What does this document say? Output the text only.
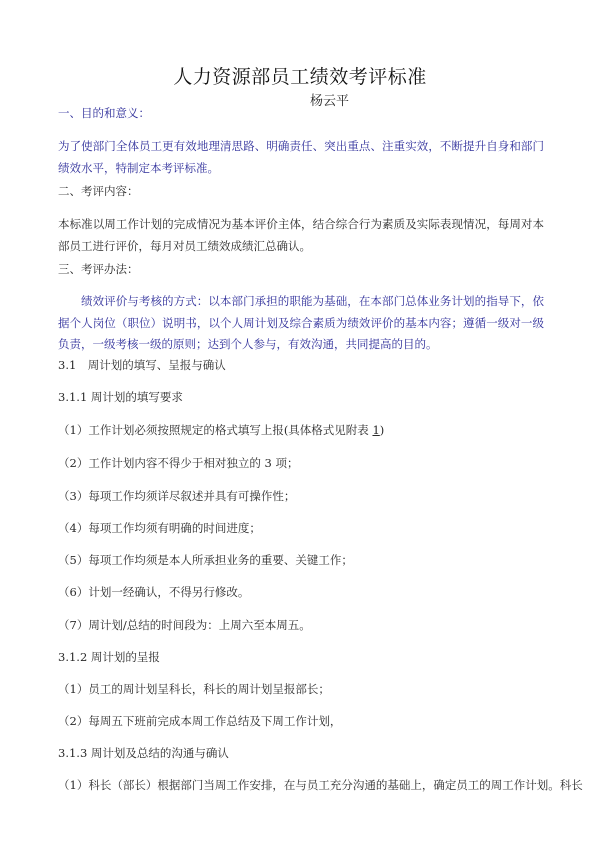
人力资源部员工绩效考评标准
杨云平
一、目的和意义：
为了使部门全体员工更有效地理清思路、明确责任、突出重点、注重实效，不断提升自身和部门绩效水平，特制定本考评标准。
二、考评内容：
本标准以周工作计划的完成情况为基本评价主体，结合综合行为素质及实际表现情况，每周对本部员工进行评价，每月对员工绩效成绩汇总确认。
三、考评办法：
绩效评价与考核的方式：以本部门承担的职能为基础，在本部门总体业务计划的指导下，依据个人岗位（职位）说明书，以个人周计划及综合素质为绩效评价的基本内容；遵循一级对一级负责，一级考核一级的原则；达到个人参与，有效沟通，共同提高的目的。
3.1　周计划的填写、呈报与确认
3.1.1 周计划的填写要求
（1）工作计划必须按照规定的格式填写上报(具体格式见附表 1)
（2）工作计划内容不得少于相对独立的 3 项；
（3）每项工作均须详尽叙述并具有可操作性；
（4）每项工作均须有明确的时间进度；
（5）每项工作均须是本人所承担业务的重要、关键工作；
（6）计划一经确认，不得另行修改。
（7）周计划/总结的时间段为：上周六至本周五。
3.1.2 周计划的呈报
（1）员工的周计划呈科长，科长的周计划呈报部长；
（2）每周五下班前完成本周工作总结及下周工作计划，
3.1.3 周计划及总结的沟通与确认
（1）科长（部长）根据部门当周工作安排，在与员工充分沟通的基础上，确定员工的周工作计划。科长
